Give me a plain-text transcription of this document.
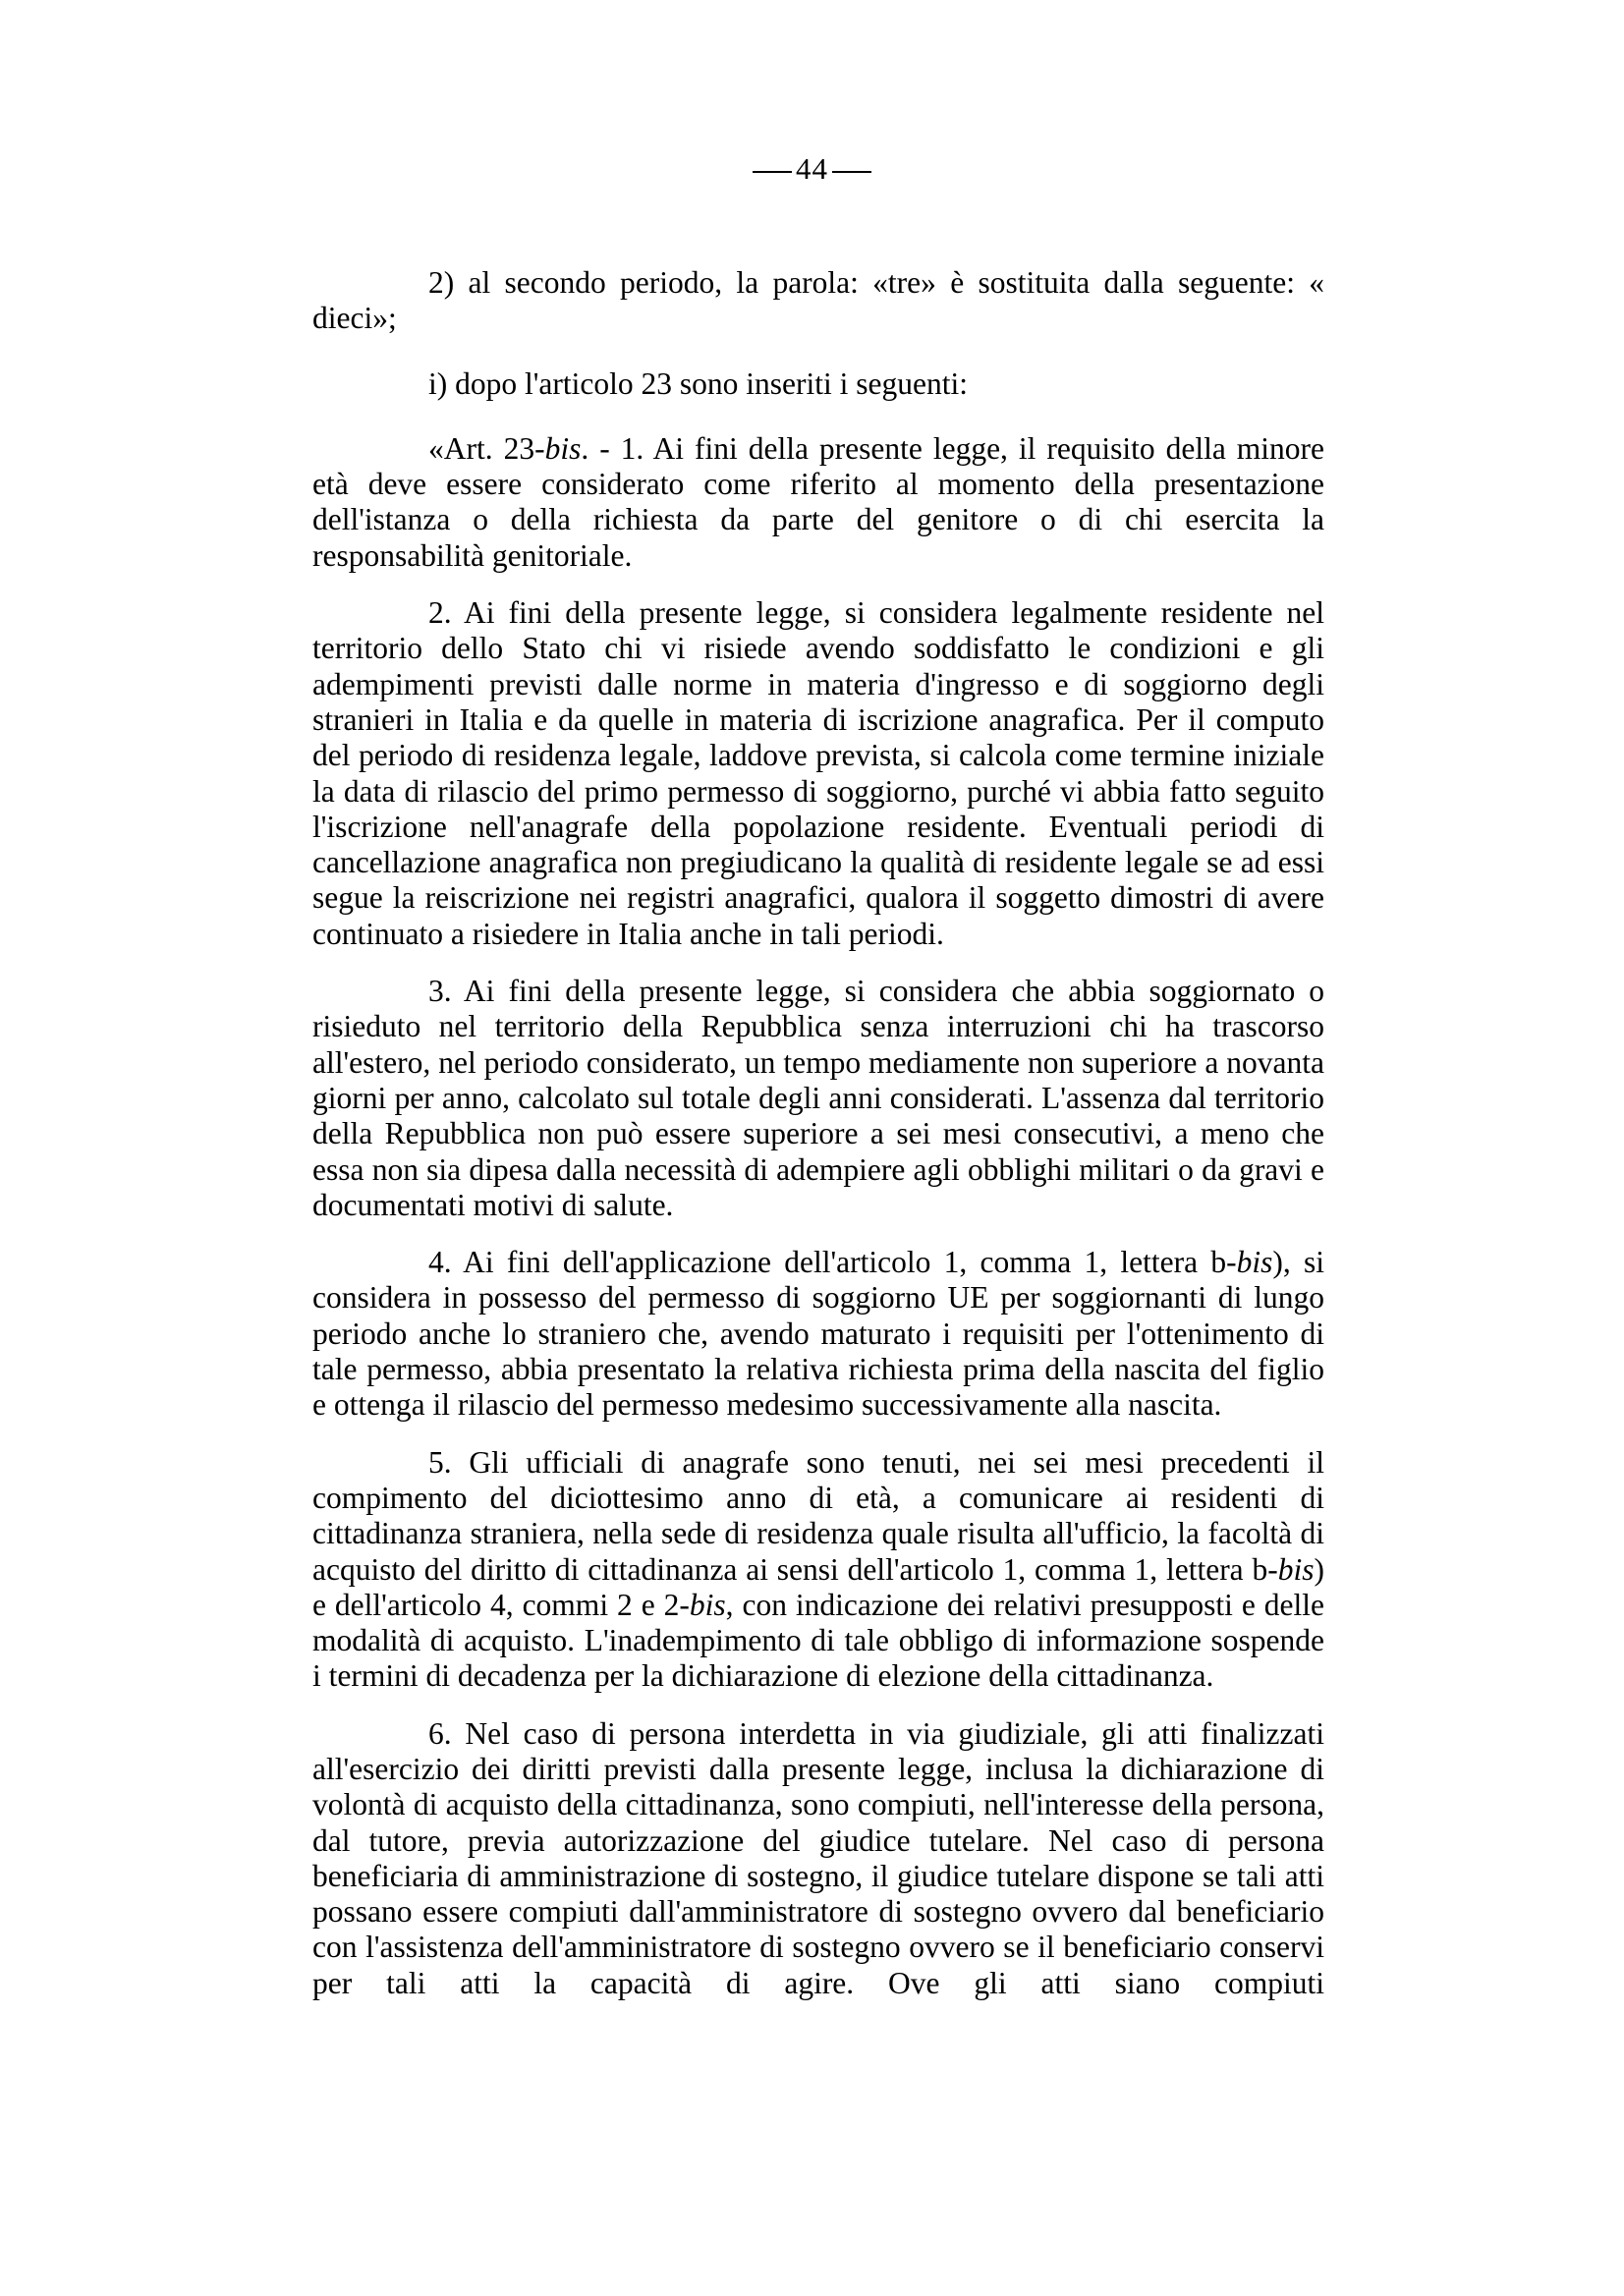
44
2) al secondo periodo, la parola: «tre» è sostituita dalla seguente: «
dieci»;

i) dopo l'articolo 23 sono inseriti i seguenti:

«Art. 23-bis. - 1. Ai fini della presente legge, il requisito della minore età deve essere considerato come riferito al momento della presentazione dell'istanza o della richiesta da parte del genitore o di chi esercita la responsabilità genitoriale.

2. Ai fini della presente legge, si considera legalmente residente nel territorio dello Stato chi vi risiede avendo soddisfatto le condizioni e gli adempimenti previsti dalle norme in materia d'ingresso e di soggiorno degli stranieri in Italia e da quelle in materia di iscrizione anagrafica. Per il computo del periodo di residenza legale, laddove prevista, si calcola come termine iniziale la data di rilascio del primo permesso di soggiorno, purché vi abbia fatto seguito l'iscrizione nell'anagrafe della popolazione residente. Eventuali periodi di cancellazione anagrafica non pregiudicano la qualità di residente legale se ad essi segue la reiscrizione nei registri anagrafici, qualora il soggetto dimostri di avere continuato a risiedere in Italia anche in tali periodi.

3. Ai fini della presente legge, si considera che abbia soggiornato o risieduto nel territorio della Repubblica senza interruzioni chi ha trascorso all'estero, nel periodo considerato, un tempo mediamente non superiore a novanta giorni per anno, calcolato sul totale degli anni considerati. L'assenza dal territorio della Repubblica non può essere superiore a sei mesi consecutivi, a meno che essa non sia dipesa dalla necessità di adempiere agli obblighi militari o da gravi e documentati motivi di salute.

4. Ai fini dell'applicazione dell'articolo 1, comma 1, lettera b-bis), si considera in possesso del permesso di soggiorno UE per soggiornanti di lungo periodo anche lo straniero che, avendo maturato i requisiti per l'ottenimento di tale permesso, abbia presentato la relativa richiesta prima della nascita del figlio e ottenga il rilascio del permesso medesimo successivamente alla nascita.

5. Gli ufficiali di anagrafe sono tenuti, nei sei mesi precedenti il compimento del diciottesimo anno di età, a comunicare ai residenti di cittadinanza straniera, nella sede di residenza quale risulta all'ufficio, la facoltà di acquisto del diritto di cittadinanza ai sensi dell'articolo 1, comma 1, lettera b-bis) e dell'articolo 4, commi 2 e 2-bis, con indicazione dei relativi presupposti e delle modalità di acquisto. L'inadempimento di tale obbligo di informazione sospende i termini di decadenza per la dichiarazione di elezione della cittadinanza.

6. Nel caso di persona interdetta in via giudiziale, gli atti finalizzati all'esercizio dei diritti previsti dalla presente legge, inclusa la dichiarazione di volontà di acquisto della cittadinanza, sono compiuti, nell'interesse della persona, dal tutore, previa autorizzazione del giudice tutelare. Nel caso di persona beneficiaria di amministrazione di sostegno, il giudice tutelare dispone se tali atti possano essere compiuti dall'amministratore di sostegno ovvero dal beneficiario con l'assistenza dell'amministratore di sostegno ovvero se il beneficiario conservi per tali atti la capacità di agire. Ove gli atti siano compiuti
